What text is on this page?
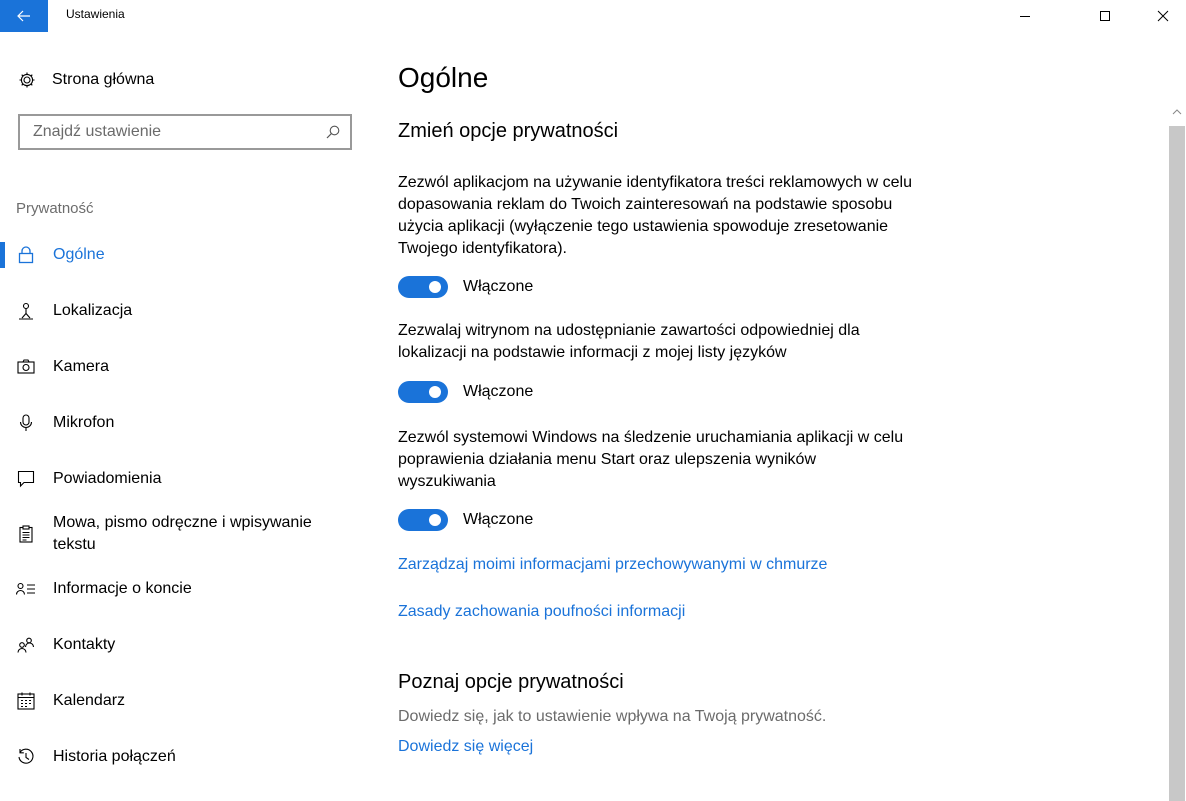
Ustawienia
Strona główna
Znajdź ustawienie
Prywatność
Ogólne
Lokalizacja
Kamera
Mikrofon
Powiadomienia
Mowa, pismo odręczne i wpisywanie tekstu
Informacje o koncie
Kontakty
Kalendarz
Historia połączeń
Ogólne
Zmień opcje prywatności
Zezwól aplikacjom na używanie identyfikatora treści reklamowych w celu dopasowania reklam do Twoich zainteresowań na podstawie sposobu użycia aplikacji (wyłączenie tego ustawienia spowoduje zresetowanie Twojego identyfikatora).
Włączone
Zezwalaj witrynom na udostępnianie zawartości odpowiedniej dla lokalizacji na podstawie informacji z mojej listy języków
Włączone
Zezwól systemowi Windows na śledzenie uruchamiania aplikacji w celu poprawienia działania menu Start oraz ulepszenia wyników wyszukiwania
Włączone
Zarządzaj moimi informacjami przechowywanymi w chmurze
Zasady zachowania poufności informacji
Poznaj opcje prywatności
Dowiedz się, jak to ustawienie wpływa na Twoją prywatność.
Dowiedz się więcej
